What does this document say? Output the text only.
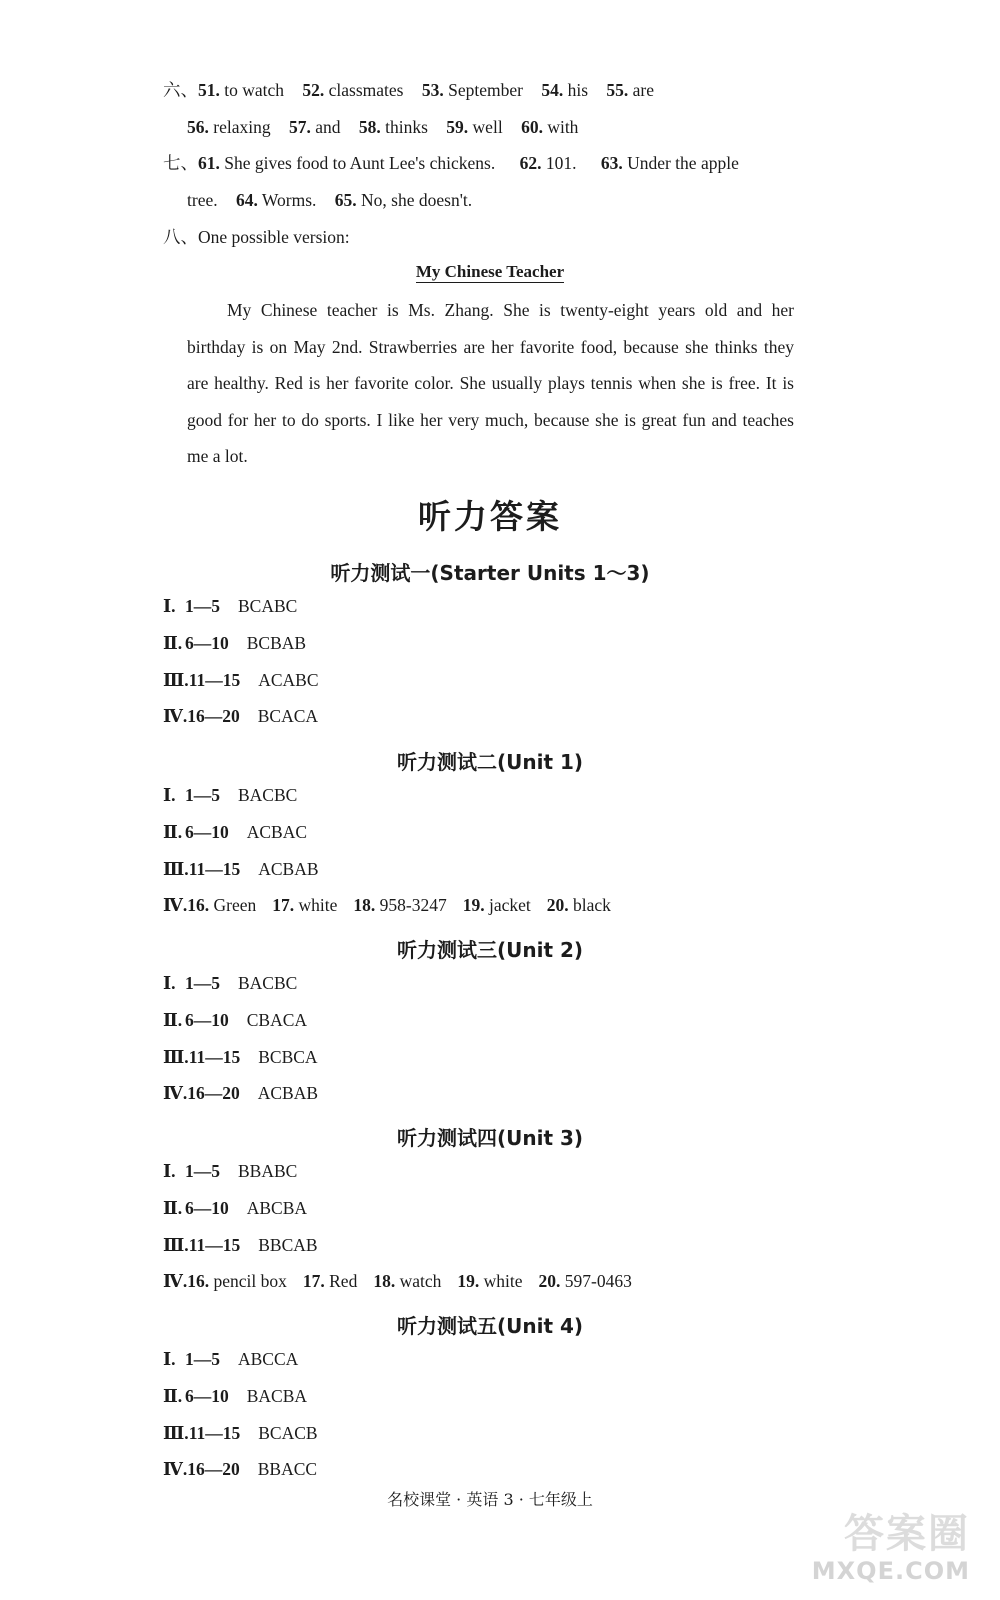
六、51. to watch 52. classmates 53. September 54. his 55. are
56. relaxing 57. and 58. thinks 59. well 60. with
七、61. She gives food to Aunt Lee's chickens. 62. 101. 63. Under the apple
tree. 64. Worms. 65. No, she doesn't.
八、One possible version:
My Chinese Teacher
My Chinese teacher is Ms. Zhang. She is twenty-eight years old and her birthday is on May 2nd. Strawberries are her favorite food, because she thinks they are healthy. Red is her favorite color. She usually plays tennis when she is free. It is good for her to do sports. I like her very much, because she is great fun and teaches me a lot.
听力答案
名校课堂 · 英语 3 · 七年级上
答案圈
MXQE.COM
听力测试一(Starter Units 1～3)
Ⅰ. 1—5 BCABC
Ⅱ. 6—10 BCBAB
Ⅲ.11—15 ACABC
Ⅳ.16—20 BCACA
听力测试二(Unit 1)
Ⅰ. 1—5 BACBC
Ⅱ. 6—10 ACBAC
Ⅲ.11—15 ACBAB
Ⅳ.16. Green 17. white 18. 958-3247 19. jacket 20. black
听力测试三(Unit 2)
Ⅰ. 1—5 BACBC
Ⅱ. 6—10 CBACA
Ⅲ.11—15 BCBCA
Ⅳ.16—20 ACBAB
听力测试四(Unit 3)
Ⅰ. 1—5 BBABC
Ⅱ. 6—10 ABCBA
Ⅲ.11—15 BBCAB
Ⅳ.16. pencil box 17. Red 18. watch 19. white 20. 597-0463
听力测试五(Unit 4)
Ⅰ. 1—5 ABCCA
Ⅱ. 6—10 BACBA
Ⅲ.11—15 BCACB
Ⅳ.16—20 BBACC
